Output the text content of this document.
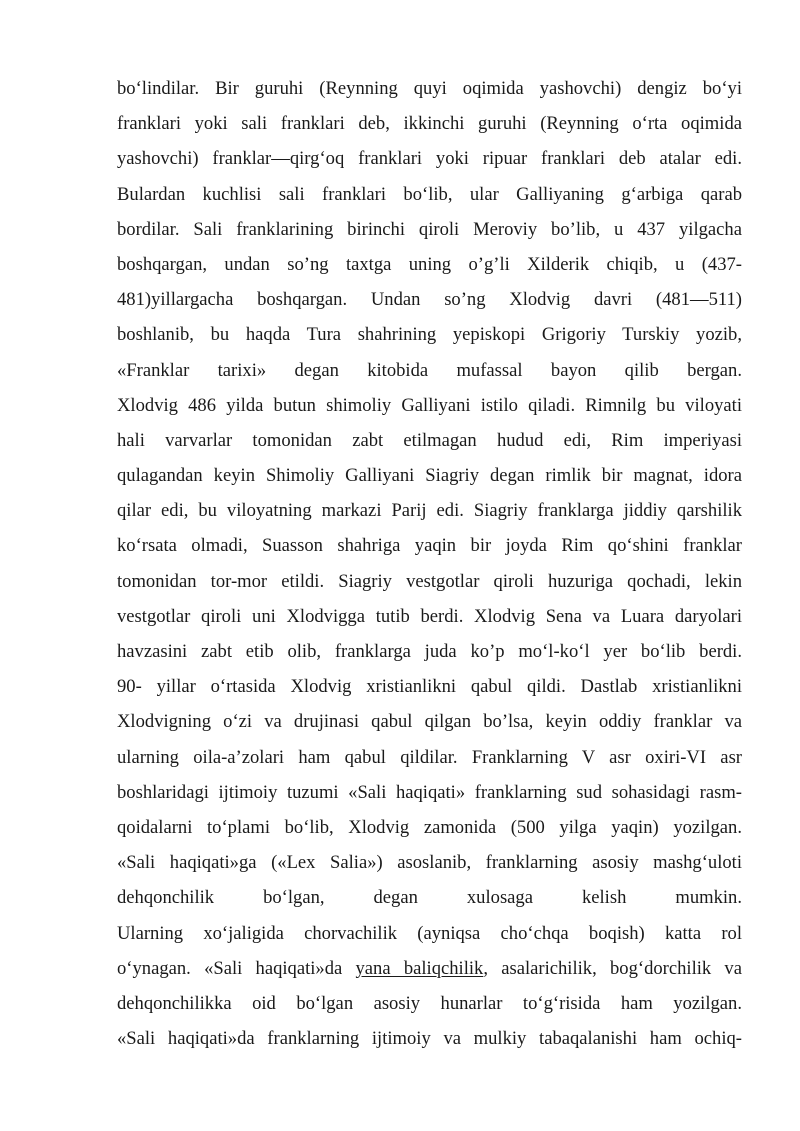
bo‘lindilar. Bir guruhi (Reynning quyi oqimida yashovchi) dengiz bo‘yi
franklari yoki sali franklari deb, ikkinchi guruhi (Reynning o‘rta oqimida
yashovchi) franklar—qirg‘oq franklari yoki ripuar franklari deb atalar edi.
Bulardan kuchlisi sali franklari bo‘lib, ular Galliyaning g‘arbiga qarab
bordilar. Sali franklarining birinchi qiroli Meroviy bo’lib, u 437 yilgacha
boshqargan, undan so’ng taxtga uning o’g’li Xilderik chiqib, u (437-
481)yillargacha boshqargan. Undan so’ng Xlodvig davri (481—511)
boshlanib, bu haqda Tura shahrining yepiskopi Grigoriy Turskiy yozib,
«Franklar tarixi» degan kitobida mufassal bayon qilib bergan.
Xlodvig 486 yilda butun shimoliy Galliyani istilo qiladi. Rimnilg bu viloyati
hali varvarlar tomonidan zabt etilmagan hudud edi, Rim imperiyasi
qulagandan keyin Shimoliy Galliyani Siagriy degan rimlik bir magnat, idora
qilar edi, bu viloyatning markazi Parij edi. Siagriy franklarga jiddiy qarshilik
ko‘rsata olmadi, Suasson shahriga yaqin bir joyda Rim qo‘shini franklar
tomonidan tor-mor etildi. Siagriy vestgotlar qiroli huzuriga qochadi, lekin
vestgotlar qiroli uni Xlodvigga tutib berdi. Xlodvig Sena va Luara daryolari
havzasini zabt etib olib, franklarga juda ko’p mo‘l-ko‘l yer bo‘lib berdi.
90- yillar o‘rtasida Xlodvig xristianlikni qabul qildi. Dastlab xristianlikni
Xlodvigning o‘zi va drujinasi qabul qilgan bo’lsa, keyin oddiy franklar va
ularning oila-a’zolari ham qabul qildilar. Franklarning V asr oxiri-VI asr
boshlaridagi ijtimoiy tuzumi «Sali haqiqati» franklarning sud sohasidagi rasm-
qoidalarni to‘plami bo‘lib, Xlodvig zamonida (500 yilga yaqin) yozilgan.
«Sali haqiqati»ga («Lex Salia») asoslanib, franklarning asosiy mashg‘uloti
dehqonchilik bo‘lgan, degan xulosaga kelish mumkin.
Ularning xo‘jaligida chorvachilik (ayniqsa cho‘chqa boqish) katta rol
o‘ynagan. «Sali haqiqati»da yana baliqchilik, asalarichilik, bog‘dorchilik va
dehqonchilikka oid bo‘lgan asosiy hunarlar to‘g‘risida ham yozilgan.
«Sali haqiqati»da franklarning ijtimoiy va mulkiy tabaqalanishi ham ochiq-
